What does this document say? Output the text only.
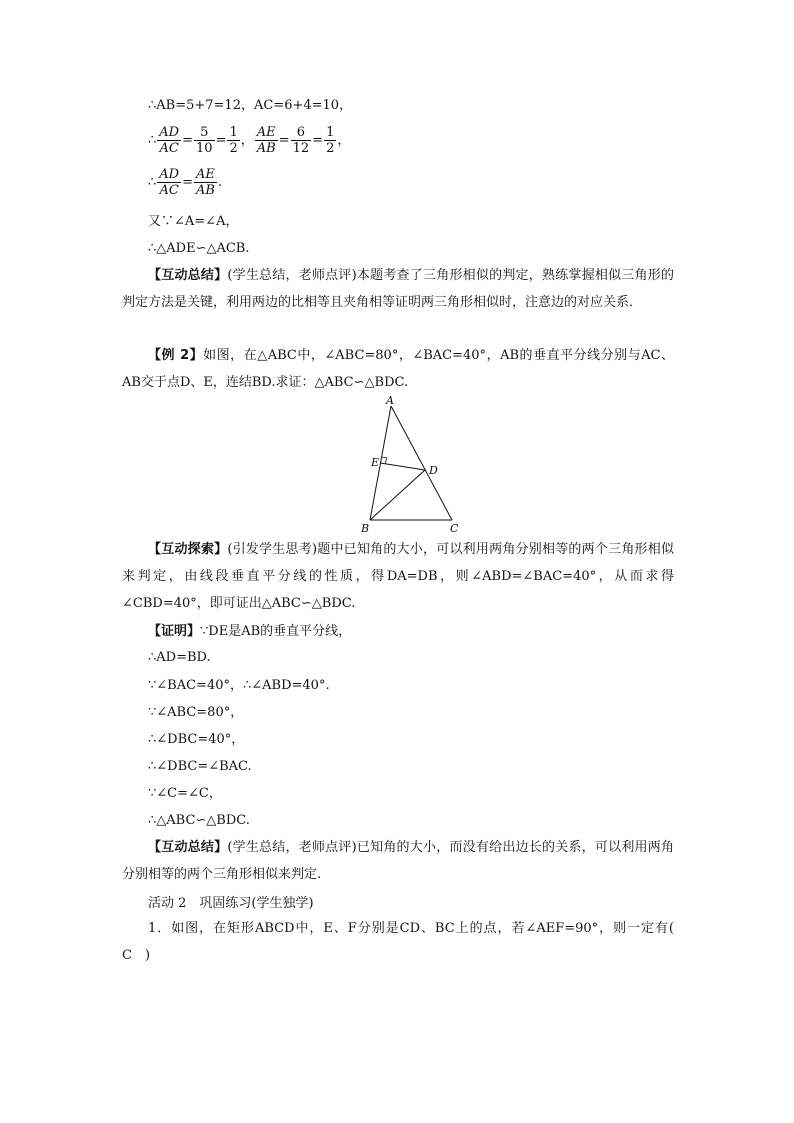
∴AB=5+7=12，AC=6+4=10，
∴ $\frac{AD}{AC} = \frac{5}{10} = \frac{1}{2}$ ， $\frac{AE}{AB} = \frac{6}{12} = \frac{1}{2}$ ，
∴ $\frac{AD}{AC} = \frac{AE}{AB}$ .
又∵∠A=∠A，
∴△ADE∽△ACB.
【互动总结】(学生总结，老师点评)本题考查了三角形相似的判定，熟练掌握相似三角形的判定方法是关键，利用两边的比相等且夹角相等证明两三角形相似时，注意边的对应关系．
【例 2】如图，在△ABC中，∠ABC=80°，∠BAC=40°，AB的垂直平分线分别与AC、AB交于点D、E，连结BD.求证：△ABC∽△BDC.
A
B	C
D
E
【互动探索】(引发学生思考)题中已知角的大小，可以利用两角分别相等的两个三角形相似来判定，由线段垂直平分线的性质，得DA=DB，则∠ABD=∠BAC=40°，从而求得∠CBD=40°，即可证出△ABC∽△BDC.
【证明】∵DE是AB的垂直平分线，
∴AD=BD.
∵∠BAC=40°，∴∠ABD=40°.
∵∠ABC=80°，
∴∠DBC=40°，
∴∠DBC=∠BAC.
∵∠C=∠C，
∴△ABC∽△BDC.
【互动总结】(学生总结，老师点评)已知角的大小，而没有给出边长的关系，可以利用两角分别相等的两个三角形相似来判定.
活动 2　巩固练习(学生独学)
1．如图，在矩形ABCD中，E、F分别是CD、BC上的点，若∠AEF=90°，则一定有(　C　)
